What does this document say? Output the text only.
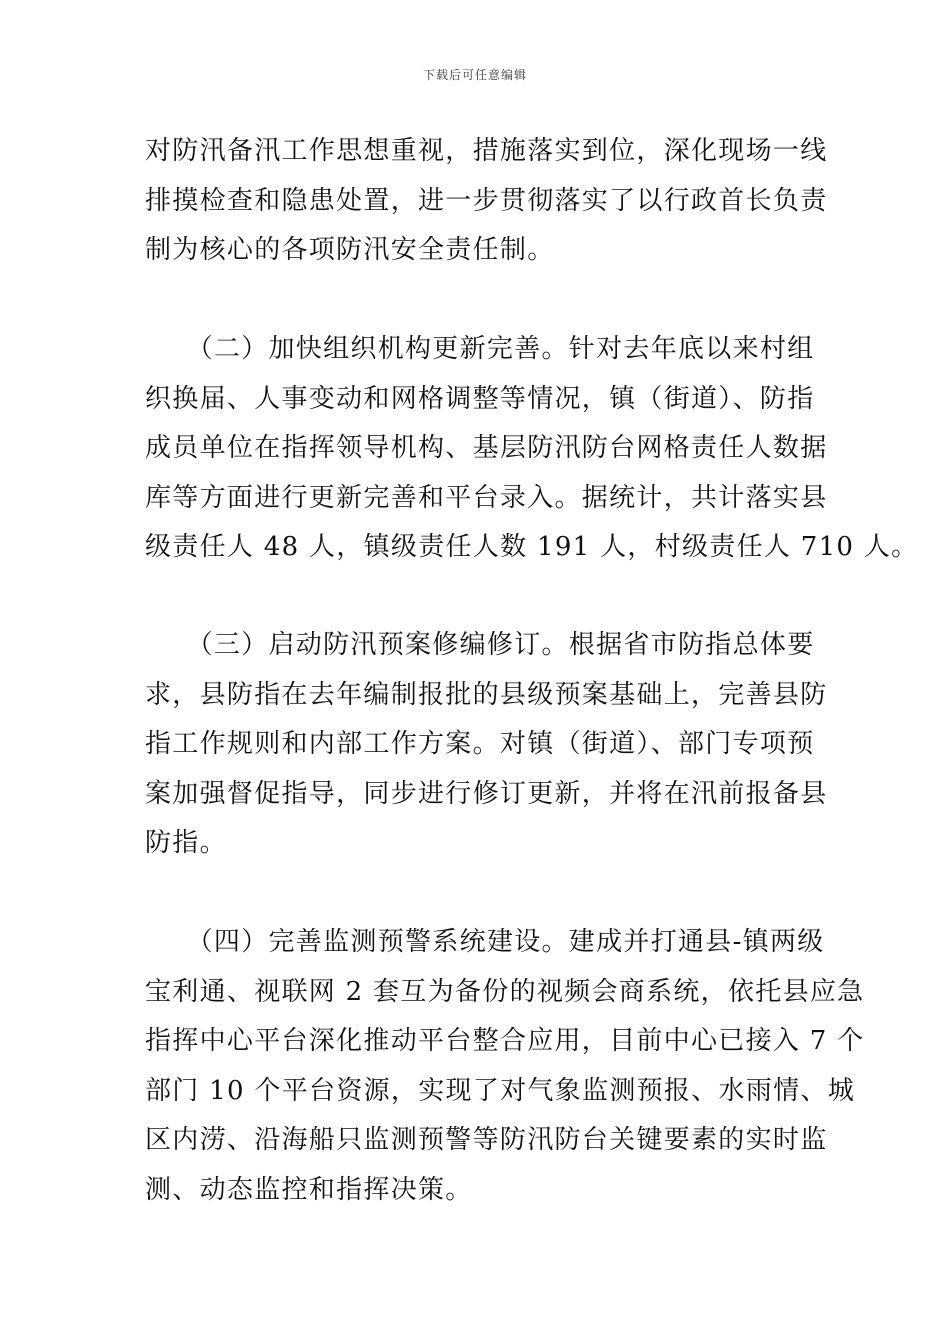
下载后可任意编辑
对防汛备汛工作思想重视，措施落实到位，深化现场一线
排摸检查和隐患处置，进一步贯彻落实了以行政首长负责
制为核心的各项防汛安全责任制。
　　（二）加快组织机构更新完善。针对去年底以来村组
织换届、人事变动和网格调整等情况，镇（街道）、防指
成员单位在指挥领导机构、基层防汛防台网格责任人数据
库等方面进行更新完善和平台录入。据统计，共计落实县
级责任人 48 人，镇级责任人数 191 人，村级责任人 710 人。
　　（三）启动防汛预案修编修订。根据省市防指总体要
求，县防指在去年编制报批的县级预案基础上，完善县防
指工作规则和内部工作方案。对镇（街道）、部门专项预
案加强督促指导，同步进行修订更新，并将在汛前报备县
防指。
　　（四）完善监测预警系统建设。建成并打通县-镇两级
宝利通、视联网 2 套互为备份的视频会商系统，依托县应急
指挥中心平台深化推动平台整合应用，目前中心已接入 7 个
部门 10 个平台资源，实现了对气象监测预报、水雨情、城
区内涝、沿海船只监测预警等防汛防台关键要素的实时监
测、动态监控和指挥决策。
